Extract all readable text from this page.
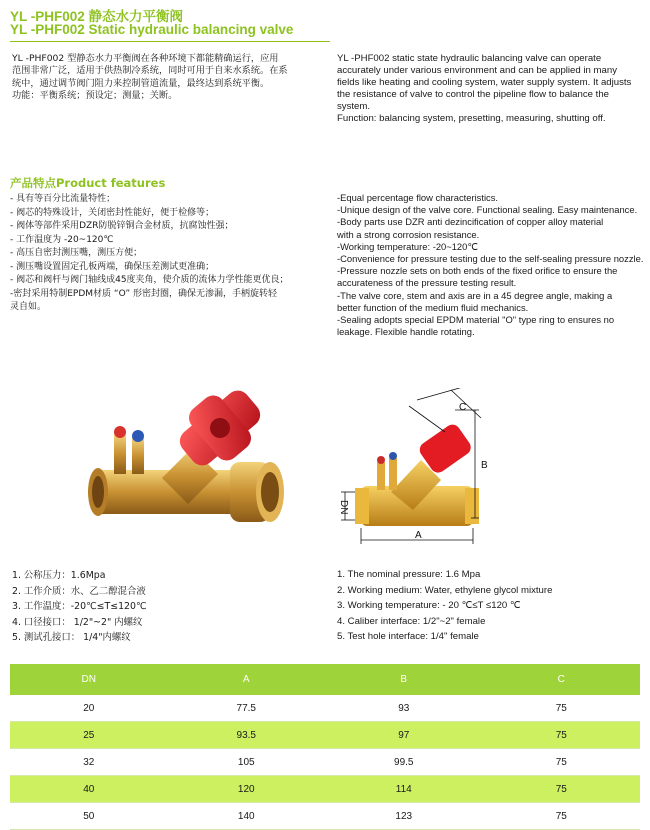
YL -PHF002 静态水力平衡阀
YL -PHF002 Static hydraulic balancing valve
YL -PHF002 型静态水力平衡阀在各种环境下都能精确运行，应用
范围非常广泛，适用于供热制冷系统，同时可用于自来水系统。在系
统中，通过调节阀门阻力来控制管道流量，最终达到系统平衡。
功能：平衡系统；预设定；测量；关断。
YL -PHF002 static state hydraulic balancing valve can operate
accurately under various environment and can be applied in many
fields like heating and cooling system, water supply system. It adjusts
the resistance of valve to control the pipeline flow to balance the system.
Function: balancing system, presetting, measuring, shutting off.
产品特点Product features
- 具有等百分比流量特性；
- 阀芯的特殊设计，关闭密封性能好，便于检修等；
- 阀体等部件采用DZR防脱锌铜合金材质，抗腐蚀性强；
- 工作温度为 -20~120℃
- 高压自密封测压嘴，测压方便；
- 测压嘴设置固定孔板两端，确保压差测试更准确；
- 阀芯和阀杆与阀门轴线成45度夹角，使介质的流体力学性能更优良；
-密封采用特制EPDM材质 “O” 形密封圈，确保无渗漏，手柄旋转轻
灵自如。
-Equal percentage flow characteristics.
-Unique design of the valve core. Functional sealing. Easy maintenance.
-Body parts use DZR anti dezincification of copper alloy material
with a strong corrosion resistance.
-Working temperature: -20~120℃
-Convenience for pressure testing due to the self-sealing pressure nozzle.
-Pressure nozzle sets on both ends of the fixed orifice to ensure the
accurateness of the pressure testing result.
-The valve core, stem and axis are in a 45 degree angle, making a
better function of the medium fluid mechanics.
-Sealing adopts special EPDM material "O" type ring to ensures no
leakage. Flexible handle rotating.
C
B
A
DN
1. 公称压力：1.6Mpa
2. 工作介质：水、乙二醇混合液
3. 工作温度：-20℃≤T≤120℃
4. 口径接口： 1/2"~2" 内螺纹
5. 测试孔接口： 1/4"内螺纹
1. The nominal pressure: 1.6 Mpa
2. Working medium: Water, ethylene glycol mixture
3. Working temperature: - 20 ℃≤T ≤120 ℃
4. Caliber interface: 1/2"~2" female
5. Test hole interface: 1/4" female
DN	A	B	C
20	77.5	93	75
25	93.5	97	75
32	105	99.5	75
40	120	114	75
50	140	123	75
